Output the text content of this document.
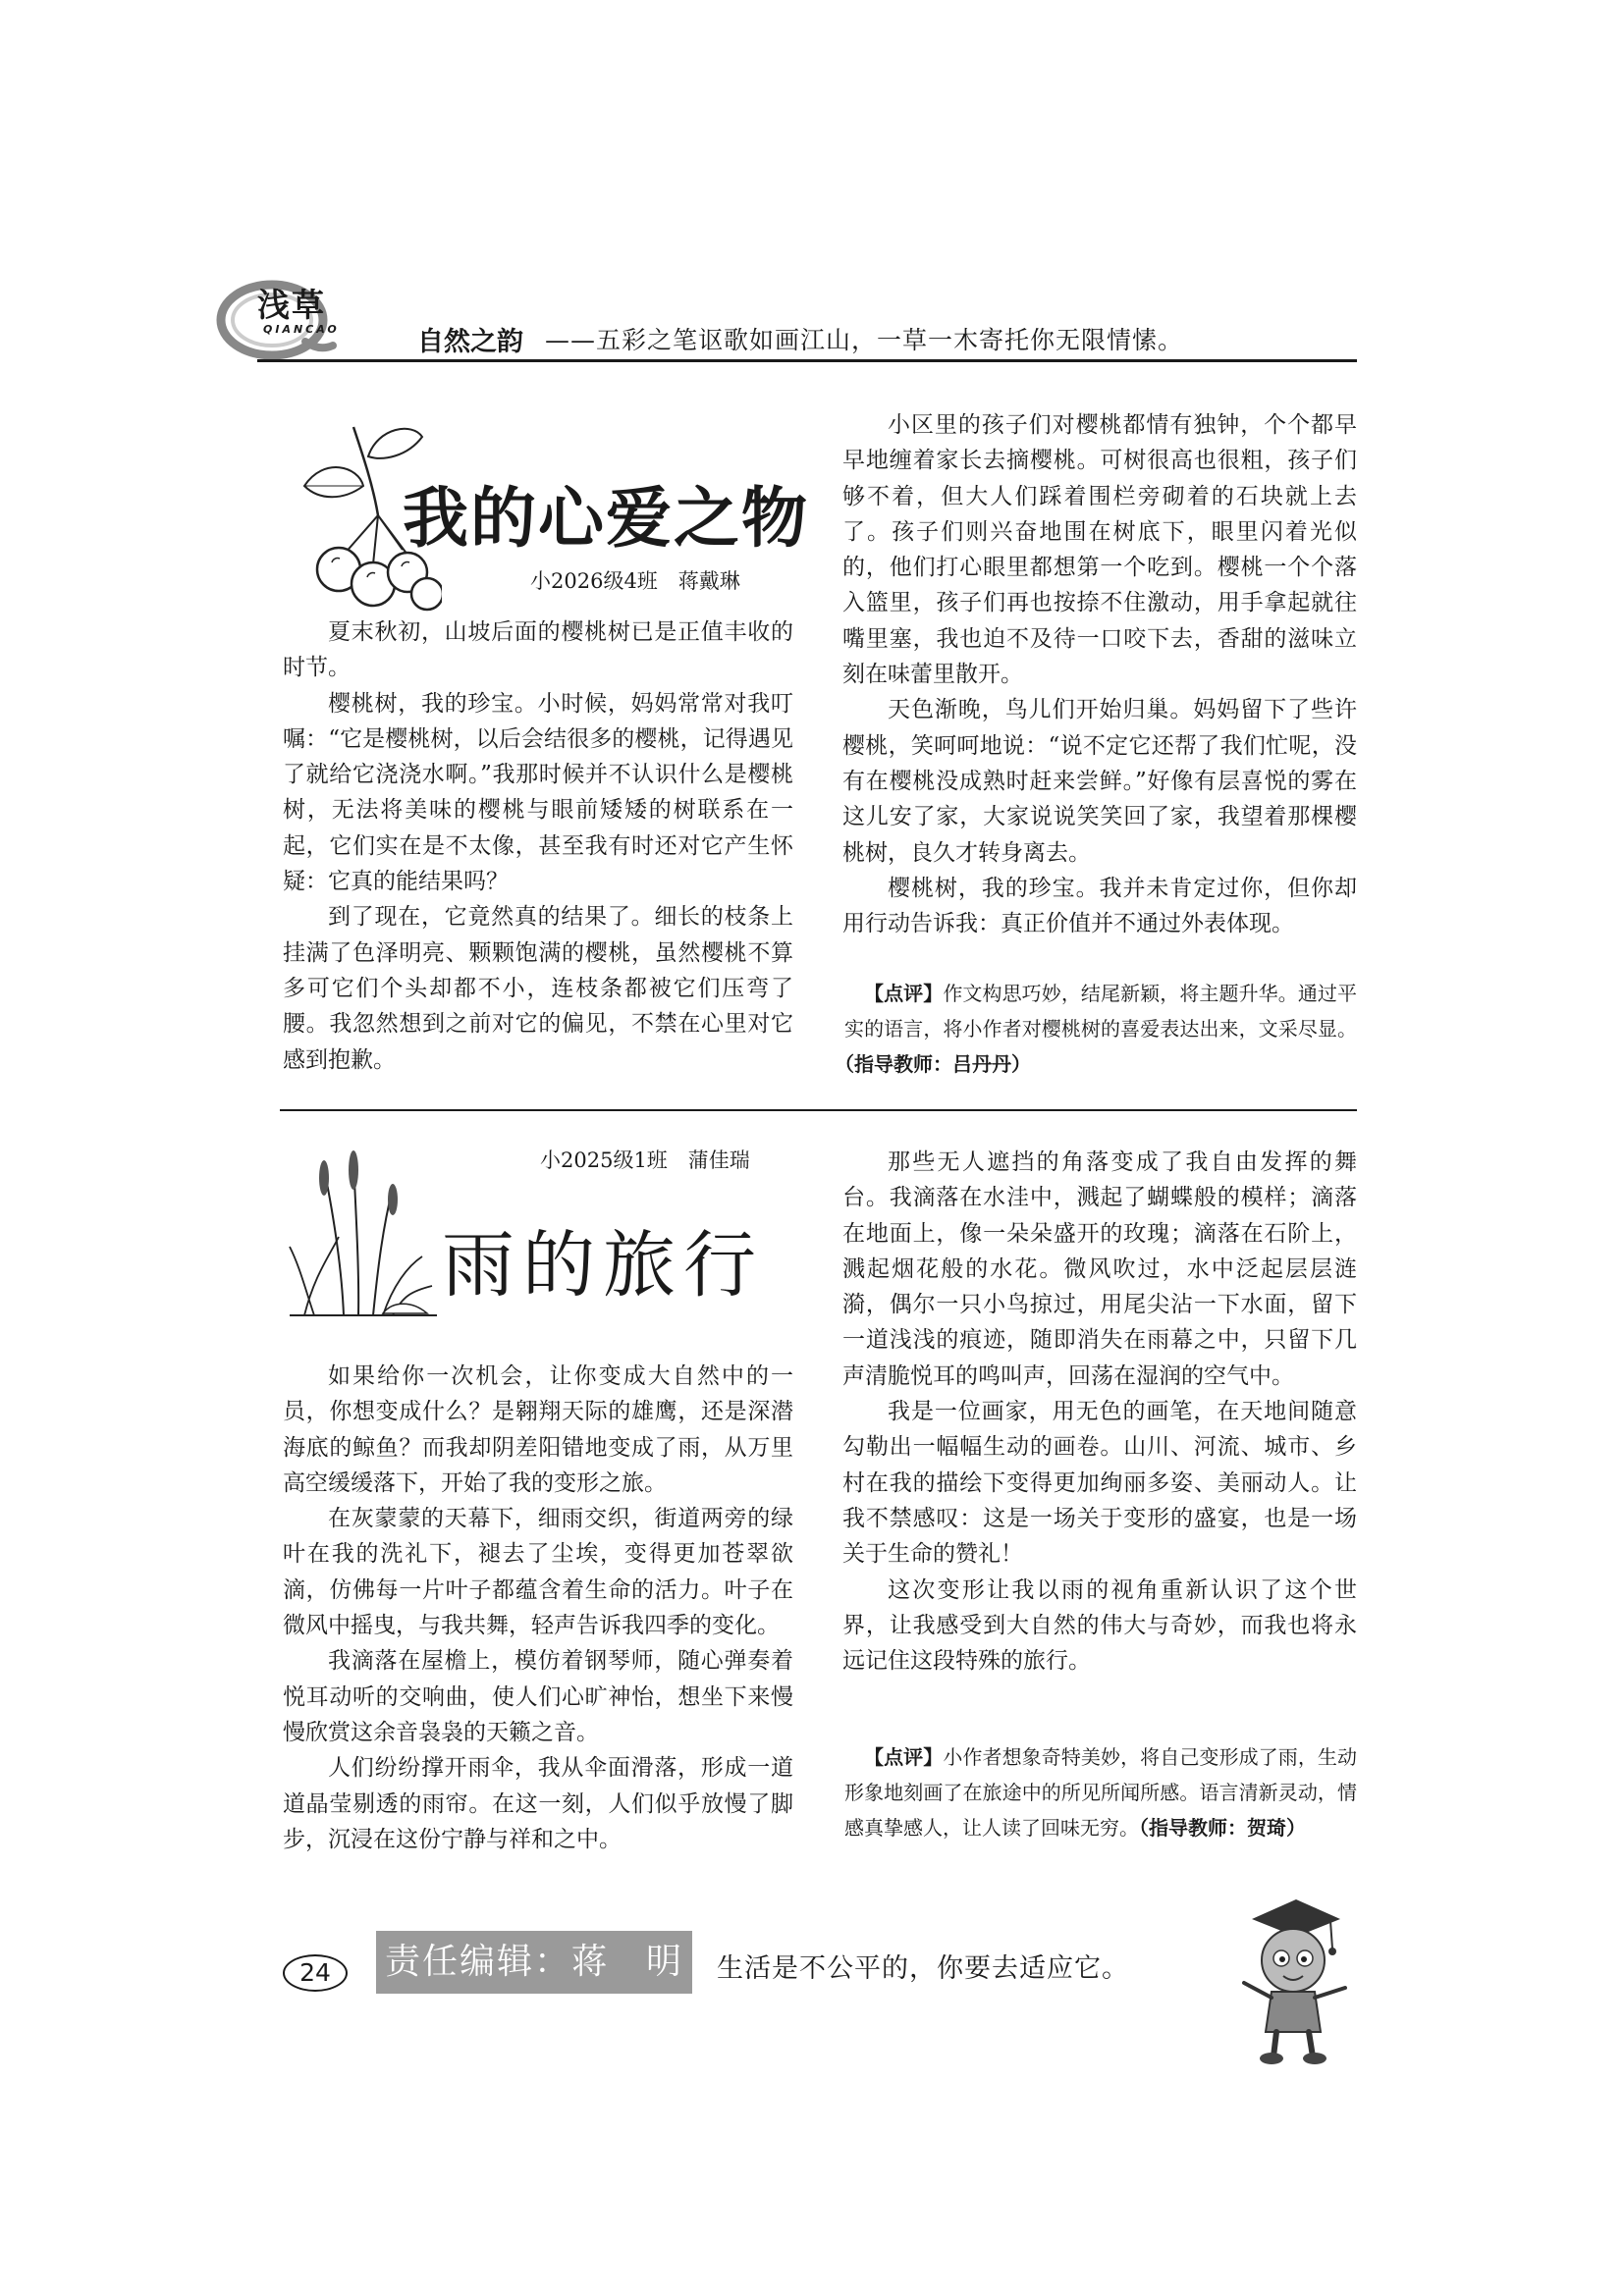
浅草
QIANCAO	自然之韵 ——五彩之笔讴歌如画江山，一草一木寄托你无限情愫。
我的心爱之物
小2026级4班　蒋戴琳

夏末秋初，山坡后面的樱桃树已是正值丰收的时节。

樱桃树，我的珍宝。小时候，妈妈常常对我叮嘱：“它是樱桃树，以后会结很多的樱桃，记得遇见了就给它浇浇水啊。”我那时候并不认识什么是樱桃树，无法将美味的樱桃与眼前矮矮的树联系在一起，它们实在是不太像，甚至我有时还对它产生怀疑：它真的能结果吗？

到了现在，它竟然真的结果了。细长的枝条上挂满了色泽明亮、颗颗饱满的樱桃，虽然樱桃不算多可它们个头却都不小，连枝条都被它们压弯了腰。我忽然想到之前对它的偏见，不禁在心里对它感到抱歉。

小区里的孩子们对樱桃都情有独钟，个个都早早地缠着家长去摘樱桃。可树很高也很粗，孩子们够不着，但大人们踩着围栏旁砌着的石块就上去了。孩子们则兴奋地围在树底下，眼里闪着光似的，他们打心眼里都想第一个吃到。樱桃一个个落入篮里，孩子们再也按捺不住激动，用手拿起就往嘴里塞，我也迫不及待一口咬下去，香甜的滋味立刻在味蕾里散开。

天色渐晚，鸟儿们开始归巢。妈妈留下了些许樱桃，笑呵呵地说：“说不定它还帮了我们忙呢，没有在樱桃没成熟时赶来尝鲜。”好像有层喜悦的雾在这儿安了家，大家说说笑笑回了家，我望着那棵樱桃树，良久才转身离去。

樱桃树，我的珍宝。我并未肯定过你，但你却用行动告诉我：真正价值并不通过外表体现。

【点评】作文构思巧妙，结尾新颖，将主题升华。通过平实的语言，将小作者对樱桃树的喜爱表达出来，文采尽显。（指导教师：吕丹丹）
小2025级1班　蒲佳瑞
雨的旅行

如果给你一次机会，让你变成大自然中的一员，你想变成什么？是翱翔天际的雄鹰，还是深潜海底的鲸鱼？而我却阴差阳错地变成了雨，从万里高空缓缓落下，开始了我的变形之旅。

在灰蒙蒙的天幕下，细雨交织，街道两旁的绿叶在我的洗礼下，褪去了尘埃，变得更加苍翠欲滴，仿佛每一片叶子都蕴含着生命的活力。叶子在微风中摇曳，与我共舞，轻声告诉我四季的变化。

我滴落在屋檐上，模仿着钢琴师，随心弹奏着悦耳动听的交响曲，使人们心旷神怡，想坐下来慢慢欣赏这余音袅袅的天籁之音。

人们纷纷撑开雨伞，我从伞面滑落，形成一道道晶莹剔透的雨帘。在这一刻，人们似乎放慢了脚步，沉浸在这份宁静与祥和之中。

那些无人遮挡的角落变成了我自由发挥的舞台。我滴落在水洼中，溅起了蝴蝶般的模样；滴落在地面上，像一朵朵盛开的玫瑰；滴落在石阶上，溅起烟花般的水花。微风吹过，水中泛起层层涟漪，偶尔一只小鸟掠过，用尾尖沾一下水面，留下一道浅浅的痕迹，随即消失在雨幕之中，只留下几声清脆悦耳的鸣叫声，回荡在湿润的空气中。

我是一位画家，用无色的画笔，在天地间随意勾勒出一幅幅生动的画卷。山川、河流、城市、乡村在我的描绘下变得更加绚丽多姿、美丽动人。让我不禁感叹：这是一场关于变形的盛宴，也是一场关于生命的赞礼！

这次变形让我以雨的视角重新认识了这个世界，让我感受到大自然的伟大与奇妙，而我也将永远记住这段特殊的旅行。

【点评】小作者想象奇特美妙，将自己变形成了雨，生动形象地刻画了在旅途中的所见所闻所感。语言清新灵动，情感真挚感人，让人读了回味无穷。（指导教师：贺琦）
24	责任编辑：蒋　明	生活是不公平的，你要去适应它。
